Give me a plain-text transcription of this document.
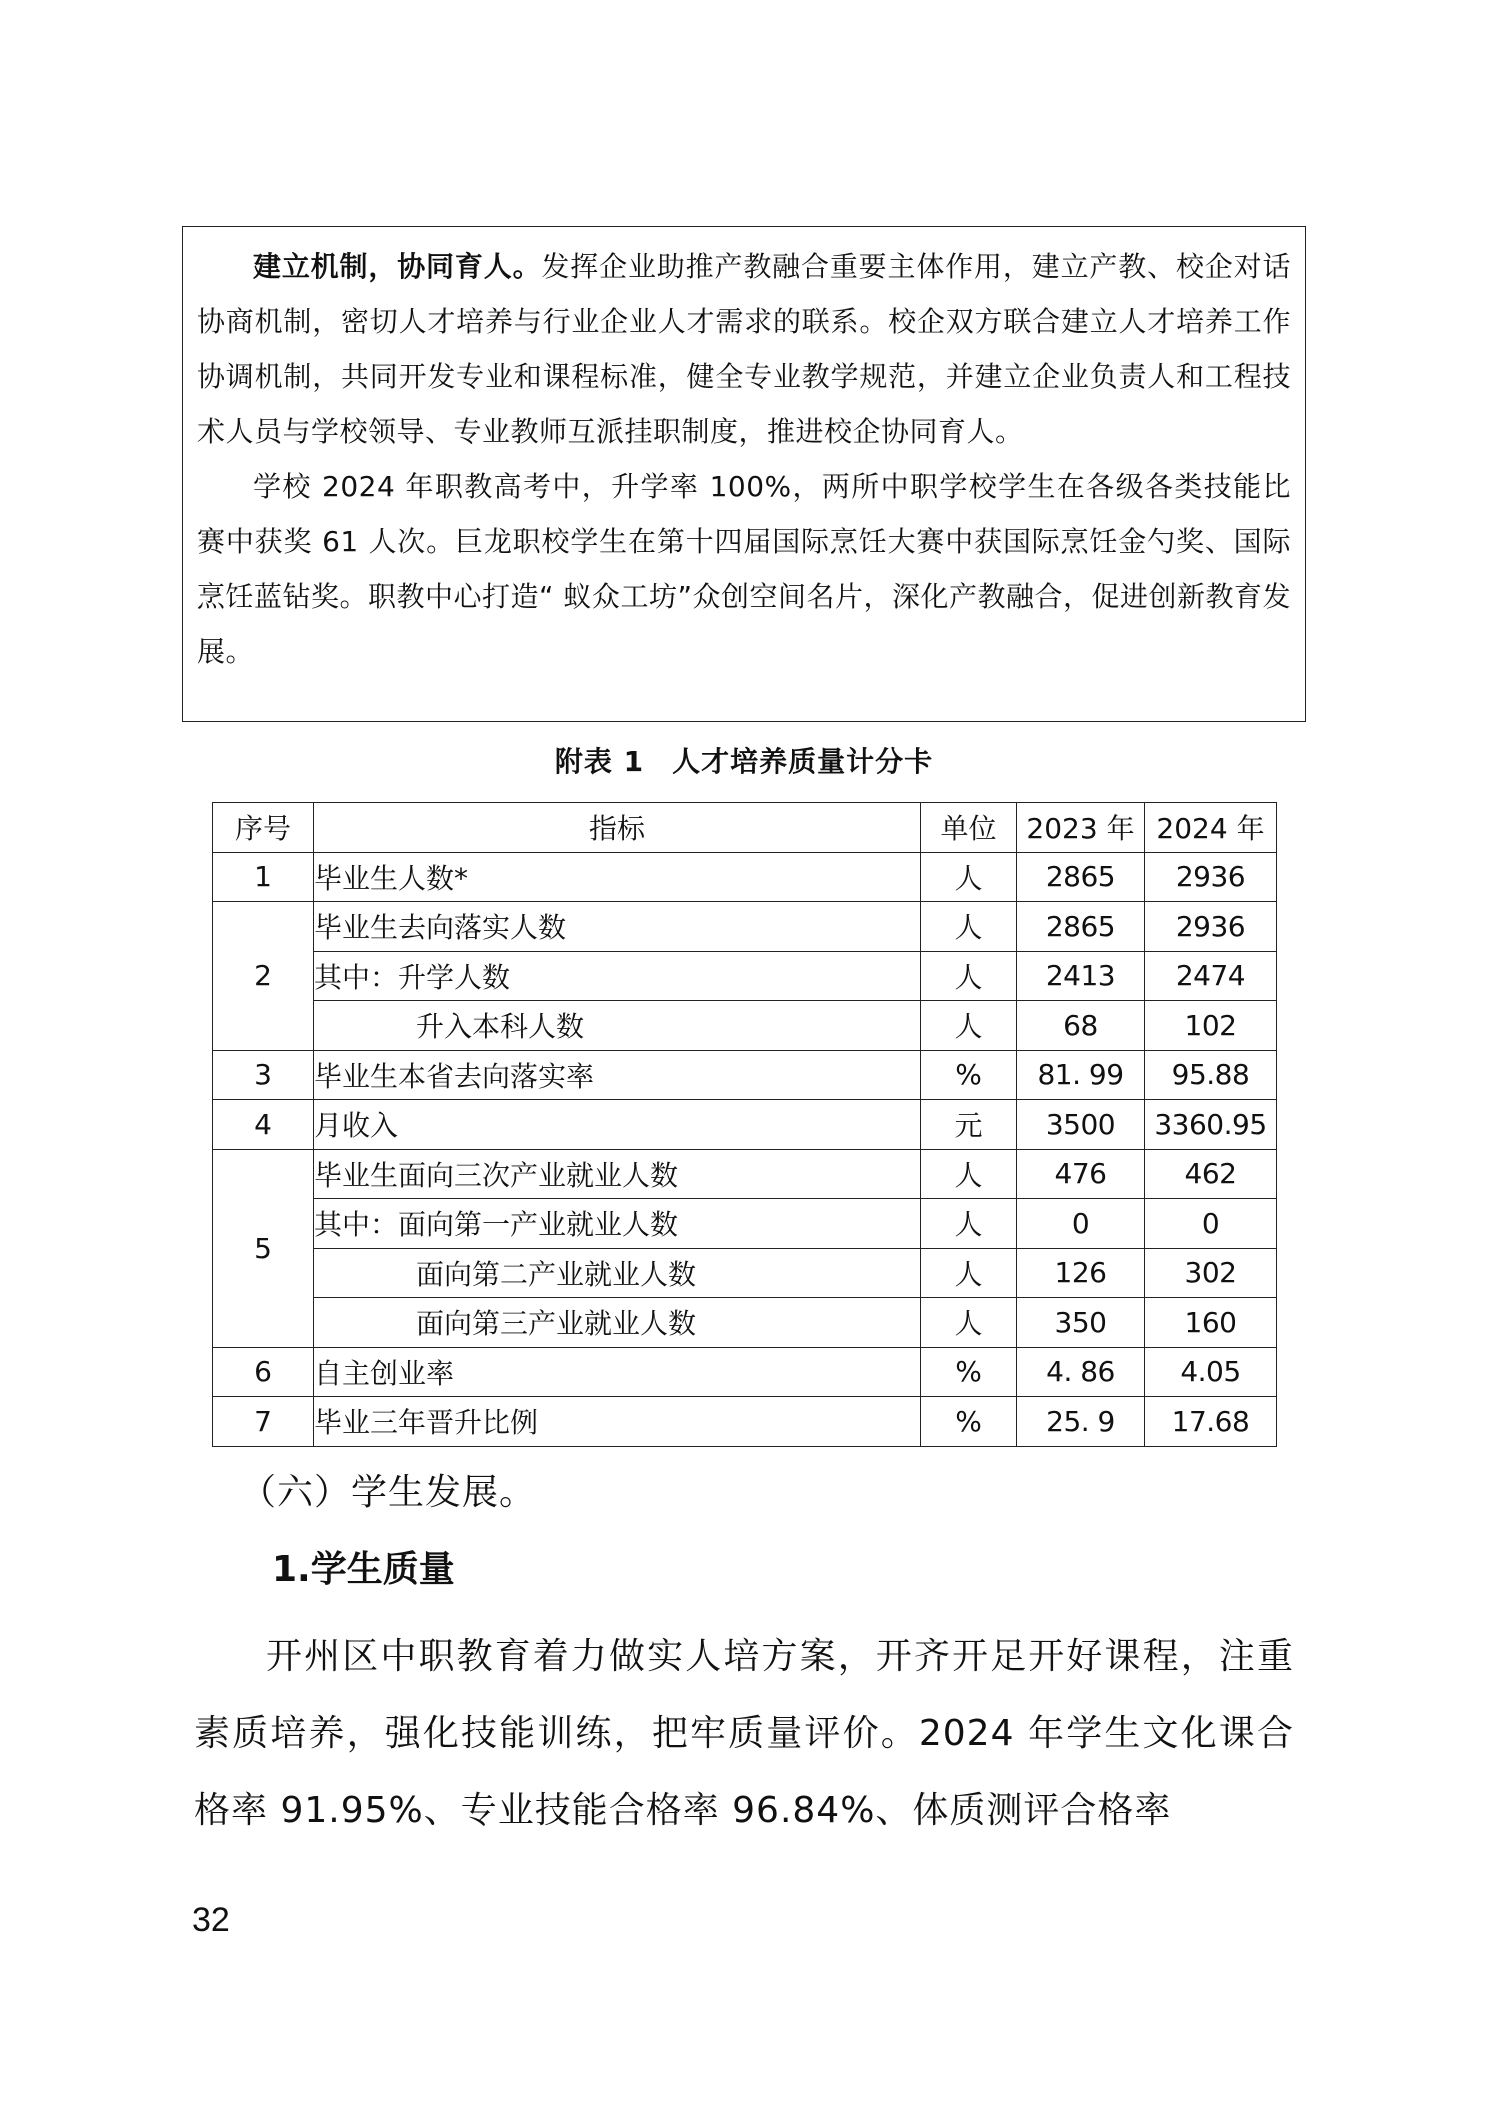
建立机制，协同育人。发挥企业助推产教融合重要主体作用，建立产教、校企对话协商机制，密切人才培养与行业企业人才需求的联系。校企双方联合建立人才培养工作协调机制，共同开发专业和课程标准，健全专业教学规范，并建立企业负责人和工程技术人员与学校领导、专业教师互派挂职制度，推进校企协同育人。

学校 2024 年职教高考中，升学率 100%，两所中职学校学生在各级各类技能比赛中获奖 61 人次。巨龙职校学生在第十四届国际烹饪大赛中获国际烹饪金勺奖、国际烹饪蓝钻奖。职教中心打造“ 蚁众工坊”众创空间名片，深化产教融合，促进创新教育发展。

附表 1 人才培养质量计分卡
序号	指标	单位	2023 年	2024 年
1	毕业生人数*	人	2865	2936
2	毕业生去向落实人数	人	2865	2936
	其中：升学人数	人	2413	2474
	升入本科人数	人	68	102
3	毕业生本省去向落实率	%	81. 99	95.88
4	月收入	元	3500	3360.95
5	毕业生面向三次产业就业人数	人	476	462
	其中：面向第一产业就业人数	人	0	0
	面向第二产业就业人数	人	126	302
	面向第三产业就业人数	人	350	160
6	自主创业率	%	4. 86	4.05
7	毕业三年晋升比例	%	25. 9	17.68
（六）学生发展。
1.学生质量

开州区中职教育着力做实人培方案，开齐开足开好课程，注重素质培养，强化技能训练，把牢质量评价。2024 年学生文化课合格率 91.95%、专业技能合格率 96.84%、体质测评合格率

32
